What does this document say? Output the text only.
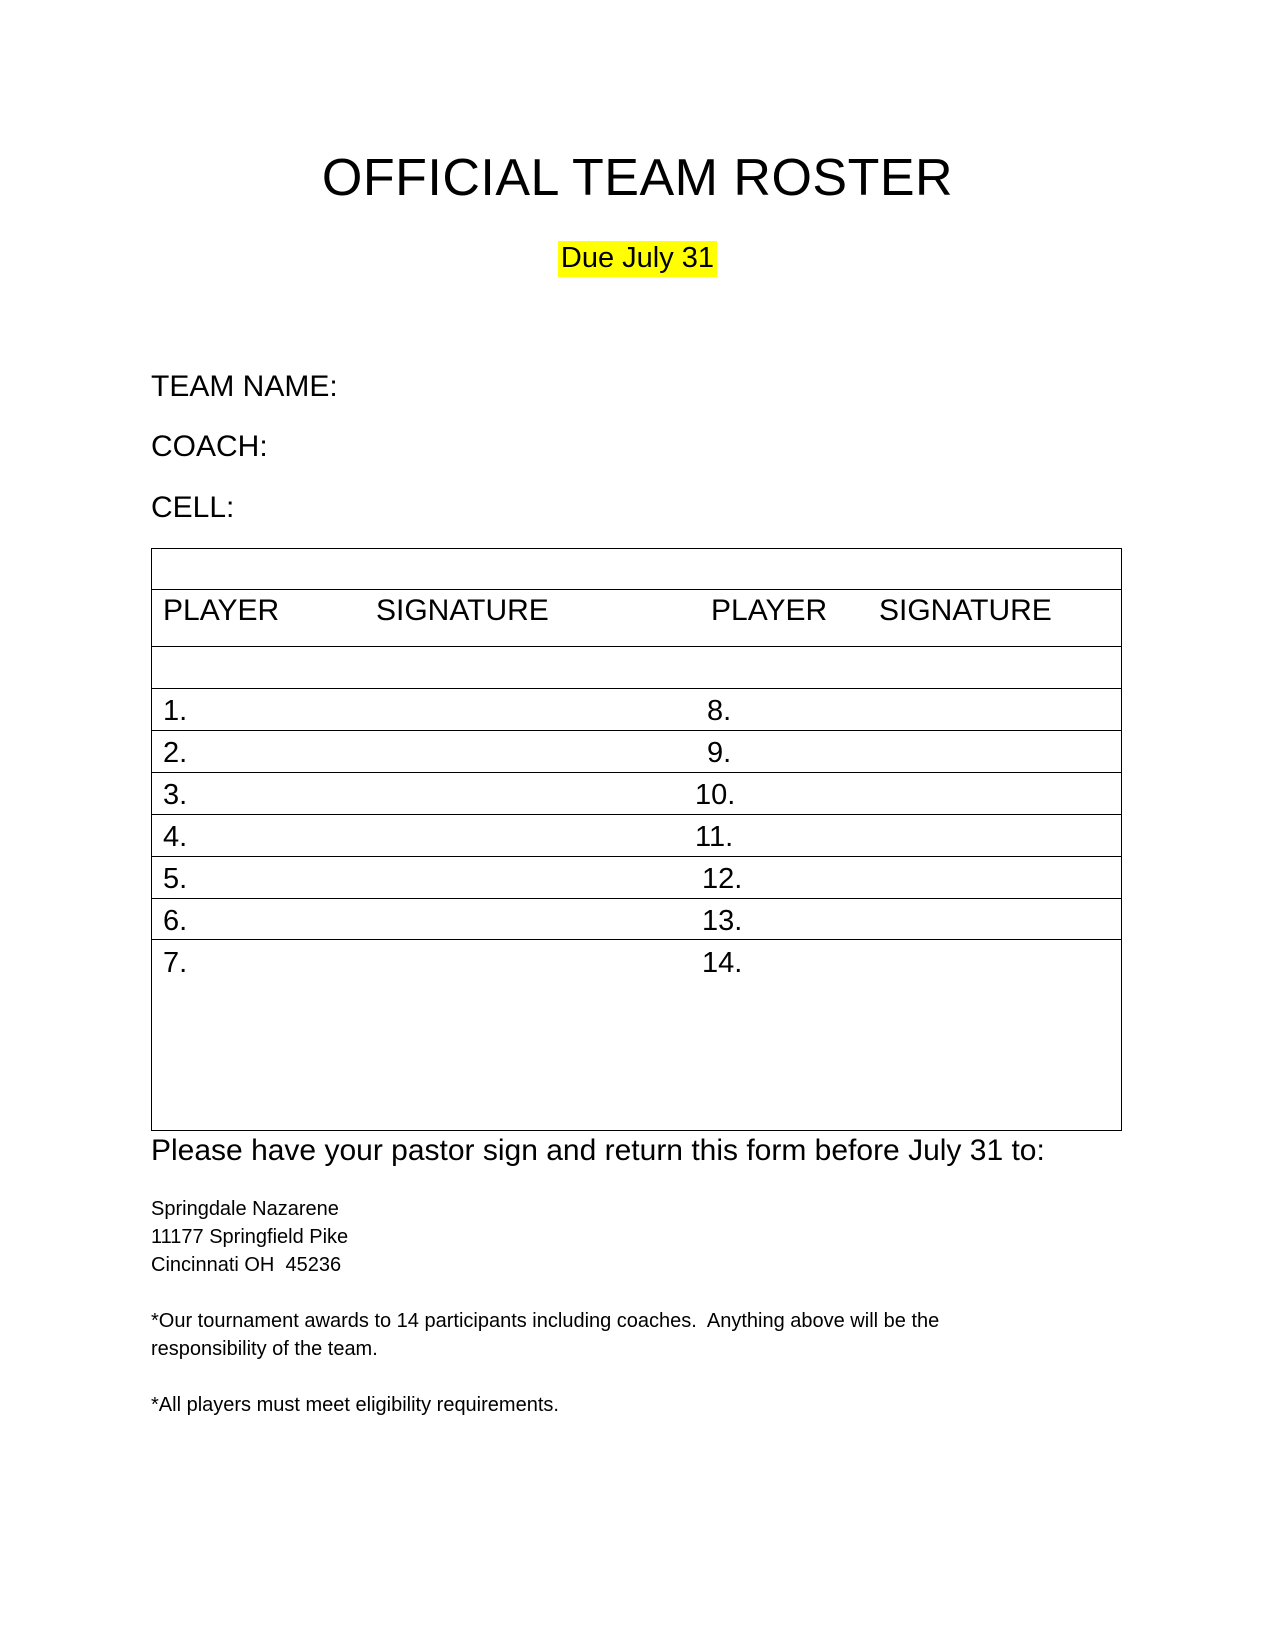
OFFICIAL TEAM ROSTER
Due July 31
TEAM NAME:
COACH:
CELL:
PLAYER	SIGNATURE	PLAYER SIGNATURE
1.
2.
3.
4.
5.
6.
7.
8.
9.
10.
11.
12.
13.
14.
Please have your pastor sign and return this form before July 31 to:
Springdale Nazarene
11177 Springfield Pike
Cincinnati OH  45236
*Our tournament awards to 14 participants including coaches.  Anything above will be the responsibility of the team.
*All players must meet eligibility requirements.
